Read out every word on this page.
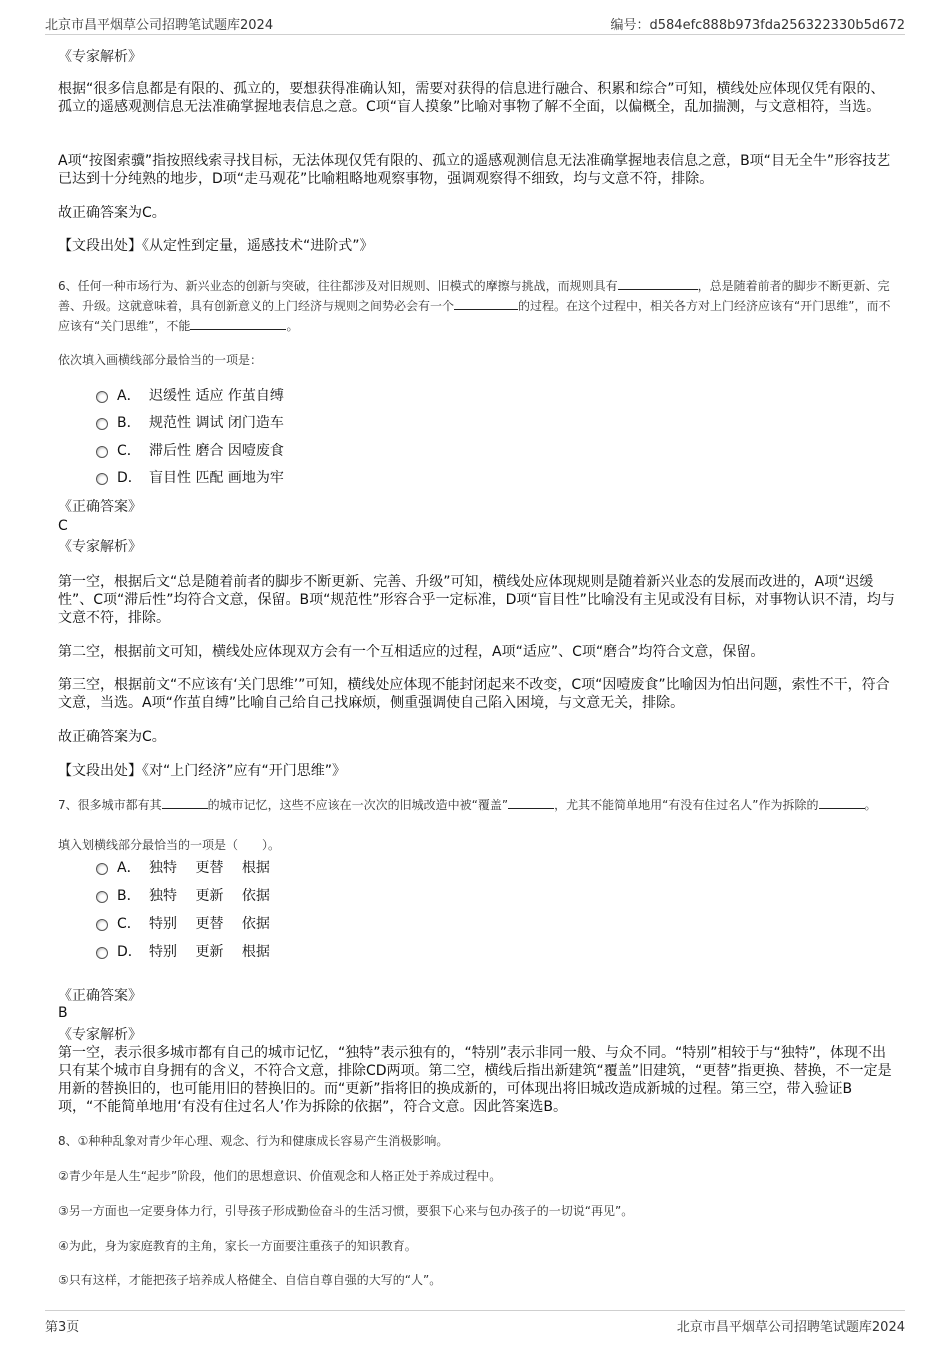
北京市昌平烟草公司招聘笔试题库2024	编号：d584efc888b973fda256322330b5d672
《专家解析》

根据“很多信息都是有限的、孤立的，要想获得准确认知，需要对获得的信息进行融合、积累和综合”可知，横线处应体现仅凭有限的、孤立的遥感观测信息无法准确掌握地表信息之意。C项“盲人摸象”比喻对事物了解不全面，以偏概全，乱加揣测，与文意相符，当选。

A项“按图索骥”指按照线索寻找目标，无法体现仅凭有限的、孤立的遥感观测信息无法准确掌握地表信息之意，B项“目无全牛”形容技艺已达到十分纯熟的地步，D项“走马观花”比喻粗略地观察事物，强调观察得不细致，均与文意不符，排除。

故正确答案为C。

【文段出处】《从定性到定量，遥感技术“进阶式”》

6、任何一种市场行为、新兴业态的创新与突破，往往都涉及对旧规则、旧模式的摩擦与挑战，而规则具有	，总是随着前者的脚步不断更新、完善、升级。这就意味着，具有创新意义的上门经济与规则之间势必会有一个	的过程。在这个过程中，相关各方对上门经济应该有“开门思维”，而不应该有“关门思维”，不能	。

依次填入画横线部分最恰当的一项是：

A． 迟缓性 适应 作茧自缚
B． 规范性 调试 闭门造车
C． 滞后性 磨合 因噎废食
D． 盲目性 匹配 画地为牢
《正确答案》
C
《专家解析》

第一空，根据后文“总是随着前者的脚步不断更新、完善、升级”可知，横线处应体现规则是随着新兴业态的发展而改进的，A项“迟缓性”、C项“滞后性”均符合文意，保留。B项“规范性”形容合乎一定标准，D项“盲目性”比喻没有主见或没有目标，对事物认识不清，均与文意不符，排除。

第二空，根据前文可知，横线处应体现双方会有一个互相适应的过程，A项“适应”、C项“磨合”均符合文意，保留。

第三空，根据前文“不应该有‘关门思维’”可知，横线处应体现不能封闭起来不改变，C项“因噎废食”比喻因为怕出问题，索性不干，符合文意，当选。A项“作茧自缚”比喻自己给自己找麻烦，侧重强调使自己陷入困境，与文意无关，排除。

故正确答案为C。

【文段出处】《对“上门经济”应有“开门思维”》

7、很多城市都有其	的城市记忆，这些不应该在一次次的旧城改造中被“覆盖”	，尤其不能简单地用“有没有住过名人”作为拆除的	。

填入划横线部分最恰当的一项是（　　）。

A． 独特　 更替　 根据
B． 独特　 更新　 依据
C． 特别　 更替　 依据
D． 特别　 更新　 根据
《正确答案》
B
《专家解析》

第一空，表示很多城市都有自己的城市记忆，“独特”表示独有的，“特别”表示非同一般、与众不同。“特别”相较于与“独特”，体现不出只有某个城市自身拥有的含义，不符合文意，排除CD两项。第二空，横线后指出新建筑“覆盖”旧建筑，“更替”指更换、替换，不一定是用新的替换旧的，也可能用旧的替换旧的。而“更新”指将旧的换成新的，可体现出将旧城改造成新城的过程。第三空，带入验证B项，“不能简单地用‘有没有住过名人’作为拆除的依据”，符合文意。因此答案选B。

8、①种种乱象对青少年心理、观念、行为和健康成长容易产生消极影响。

②青少年是人生“起步”阶段，他们的思想意识、价值观念和人格正处于养成过程中。

③另一方面也一定要身体力行，引导孩子形成勤俭奋斗的生活习惯，要狠下心来与包办孩子的一切说“再见”。

④为此，身为家庭教育的主角，家长一方面要注重孩子的知识教育。

⑤只有这样，才能把孩子培养成人格健全、自信自尊自强的大写的“人”。

第3页	北京市昌平烟草公司招聘笔试题库2024
